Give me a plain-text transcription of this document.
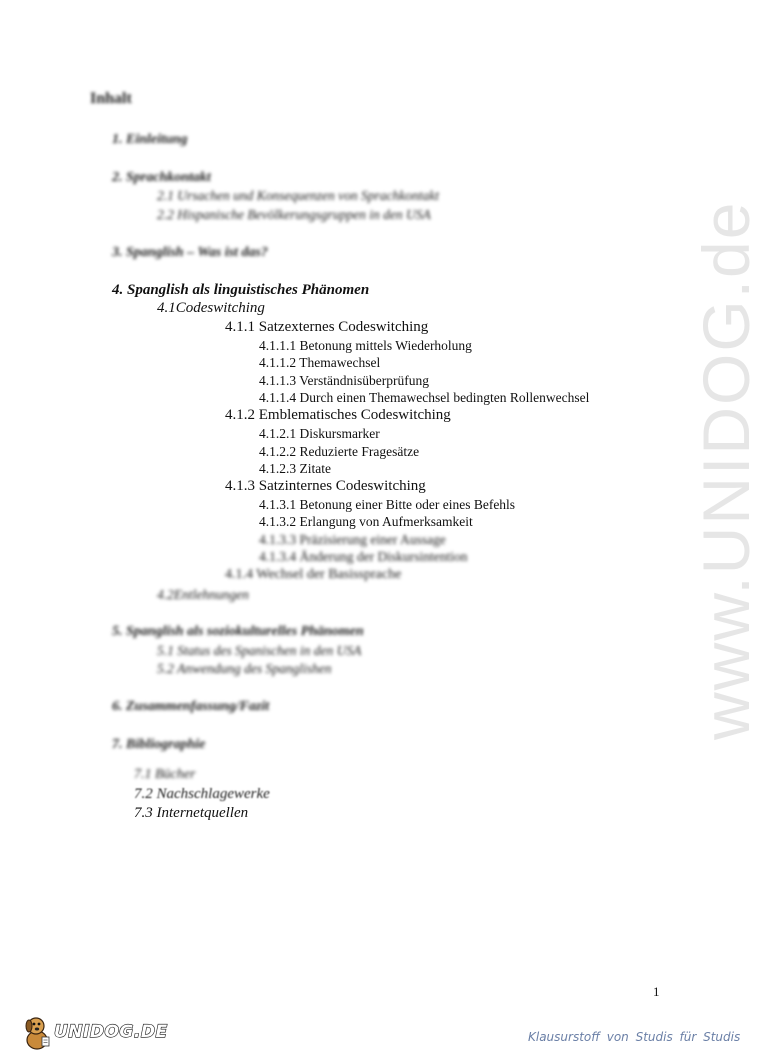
www.UNIDOG.de
Inhalt
1. Einleitung
2. Sprachkontakt
2.1 Ursachen und Konsequenzen von Sprachkontakt
2.2 Hispanische Bevölkerungsgruppen in den USA
3. Spanglish – Was ist das?
4. Spanglish als linguistisches Phänomen
4.1Codeswitching
4.1.1 Satzexternes Codeswitching
4.1.1.1 Betonung mittels Wiederholung
4.1.1.2 Themawechsel
4.1.1.3 Verständnisüberprüfung
4.1.1.4 Durch einen Themawechsel bedingten Rollenwechsel
4.1.2 Emblematisches Codeswitching
4.1.2.1 Diskursmarker
4.1.2.2 Reduzierte Fragesätze
4.1.2.3 Zitate
4.1.3 Satzinternes Codeswitching
4.1.3.1 Betonung einer Bitte oder eines Befehls
4.1.3.2 Erlangung von Aufmerksamkeit
4.1.3.3 Präzisierung einer Aussage
4.1.3.4 Änderung der Diskursintention
4.1.4 Wechsel der Basissprache
4.2Entlehnungen
5. Spanglish als soziokulturelles Phänomen
5.1 Status des Spanischen in den USA
5.2 Anwendung des Spanglishen
6. Zusammenfassung/Fazit
7. Bibliographie
7.1 Bücher
7.2 Nachschlagewerke
7.3 Internetquellen
1
UNIDOG.DE	Klausurstoff von Studis für Studis
